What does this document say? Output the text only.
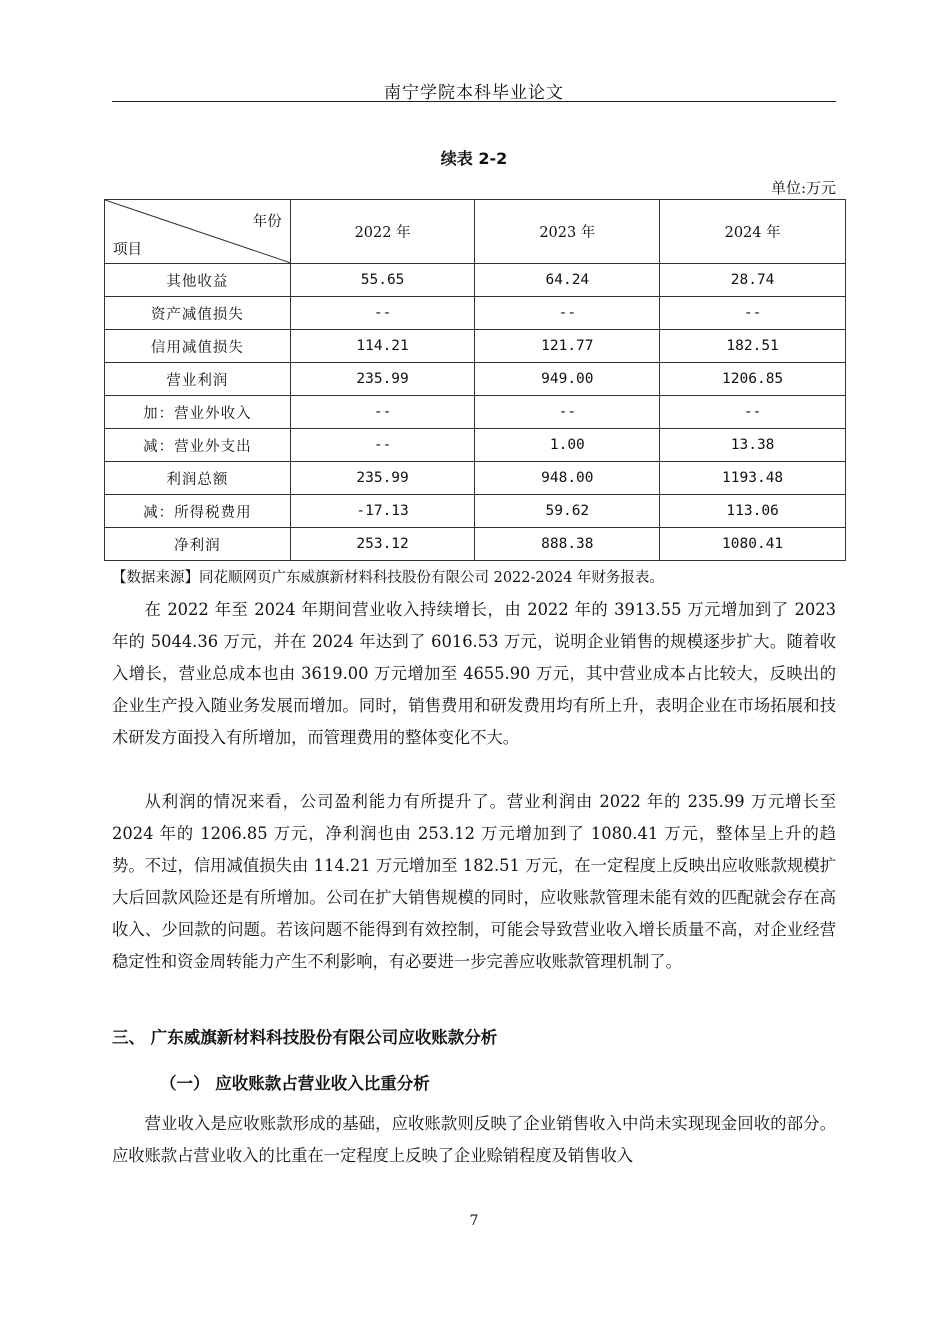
南宁学院本科毕业论文
续表 2-2
单位:万元
年份
项目	2022 年	2023 年	2024 年
其他收益	55.65	64.24	28.74
资产减值损失	--	--	--
信用减值损失	114.21	121.77	182.51
营业利润	235.99	949.00	1206.85
加：营业外收入	--	--	--
减：营业外支出	--	1.00	13.38
利润总额	235.99	948.00	1193.48
减：所得税费用	-17.13	59.62	113.06
净利润	253.12	888.38	1080.41
【数据来源】同花顺网页广东威旗新材料科技股份有限公司 2022-2024 年财务报表。

在 2022 年至 2024 年期间营业收入持续增长，由 2022 年的 3913.55 万元增加到了 2023 年的 5044.36 万元，并在 2024 年达到了 6016.53 万元，说明企业销售的规模逐步扩大。随着收入增长，营业总成本也由 3619.00 万元增加至 4655.90 万元，其中营业成本占比较大，反映出的企业生产投入随业务发展而增加。同时，销售费用和研发费用均有所上升，表明企业在市场拓展和技术研发方面投入有所增加，而管理费用的整体变化不大。

从利润的情况来看，公司盈利能力有所提升了。营业利润由 2022 年的 235.99 万元增长至 2024 年的 1206.85 万元，净利润也由 253.12 万元增加到了 1080.41 万元，整体呈上升的趋势。不过，信用减值损失由 114.21 万元增加至 182.51 万元，在一定程度上反映出应收账款规模扩大后回款风险还是有所增加。公司在扩大销售规模的同时，应收账款管理未能有效的匹配就会存在高收入、少回款的问题。若该问题不能得到有效控制，可能会导致营业收入增长质量不高，对企业经营稳定性和资金周转能力产生不利影响，有必要进一步完善应收账款管理机制了。

三、 广东威旗新材料科技股份有限公司应收账款分析
（一） 应收账款占营业收入比重分析

营业收入是应收账款形成的基础，应收账款则反映了企业销售收入中尚未实现现金回收的部分。应收账款占营业收入的比重在一定程度上反映了企业赊销程度及销售收入

7
